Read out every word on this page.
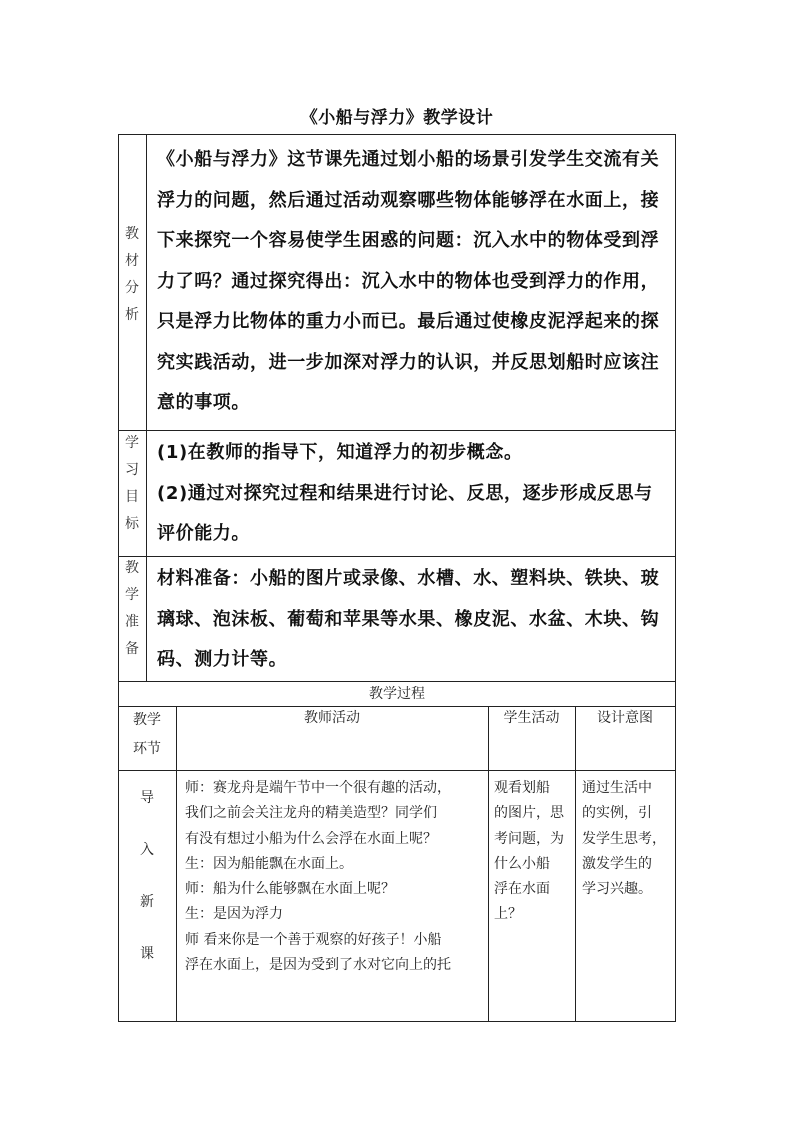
《小船与浮力》教学设计
教
材
分
析
《小船与浮力》这节课先通过划小船的场景引发学生交流有关浮力的问题，然后通过活动观察哪些物体能够浮在水面上，接下来探究一个容易使学生困惑的问题：沉入水中的物体受到浮力了吗？通过探究得出：沉入水中的物体也受到浮力的作用，只是浮力比物体的重力小而已。最后通过使橡皮泥浮起来的探究实践活动，进一步加深对浮力的认识，并反思划船时应该注意的事项。
学
习
目
标
(1)在教师的指导下，知道浮力的初步概念。
(2)通过对探究过程和结果进行讨论、反思，逐步形成反思与评价能力。
教
学
准
备
材料准备：小船的图片或录像、水槽、水、塑料块、铁块、玻璃球、泡沫板、葡萄和苹果等水果、橡皮泥、水盆、木块、钩码、测力计等。
教学过程
教学环节
教师活动	学生活动	设计意图
导
入
新
课
师：赛龙舟是端午节中一个很有趣的活动，
我们之前会关注龙舟的精美造型？同学们
有没有想过小船为什么会浮在水面上呢？
生：因为船能飘在水面上。
师：船为什么能够飘在水面上呢？
生：是因为浮力
师 看来你是一个善于观察的好孩子！小船
浮在水面上，是因为受到了水对它向上的托
观看划船
的图片，思
考问题，为
什么小船
浮在水面
上？
通过生活中
的实例，引
发学生思考，
激发学生的
学习兴趣。
